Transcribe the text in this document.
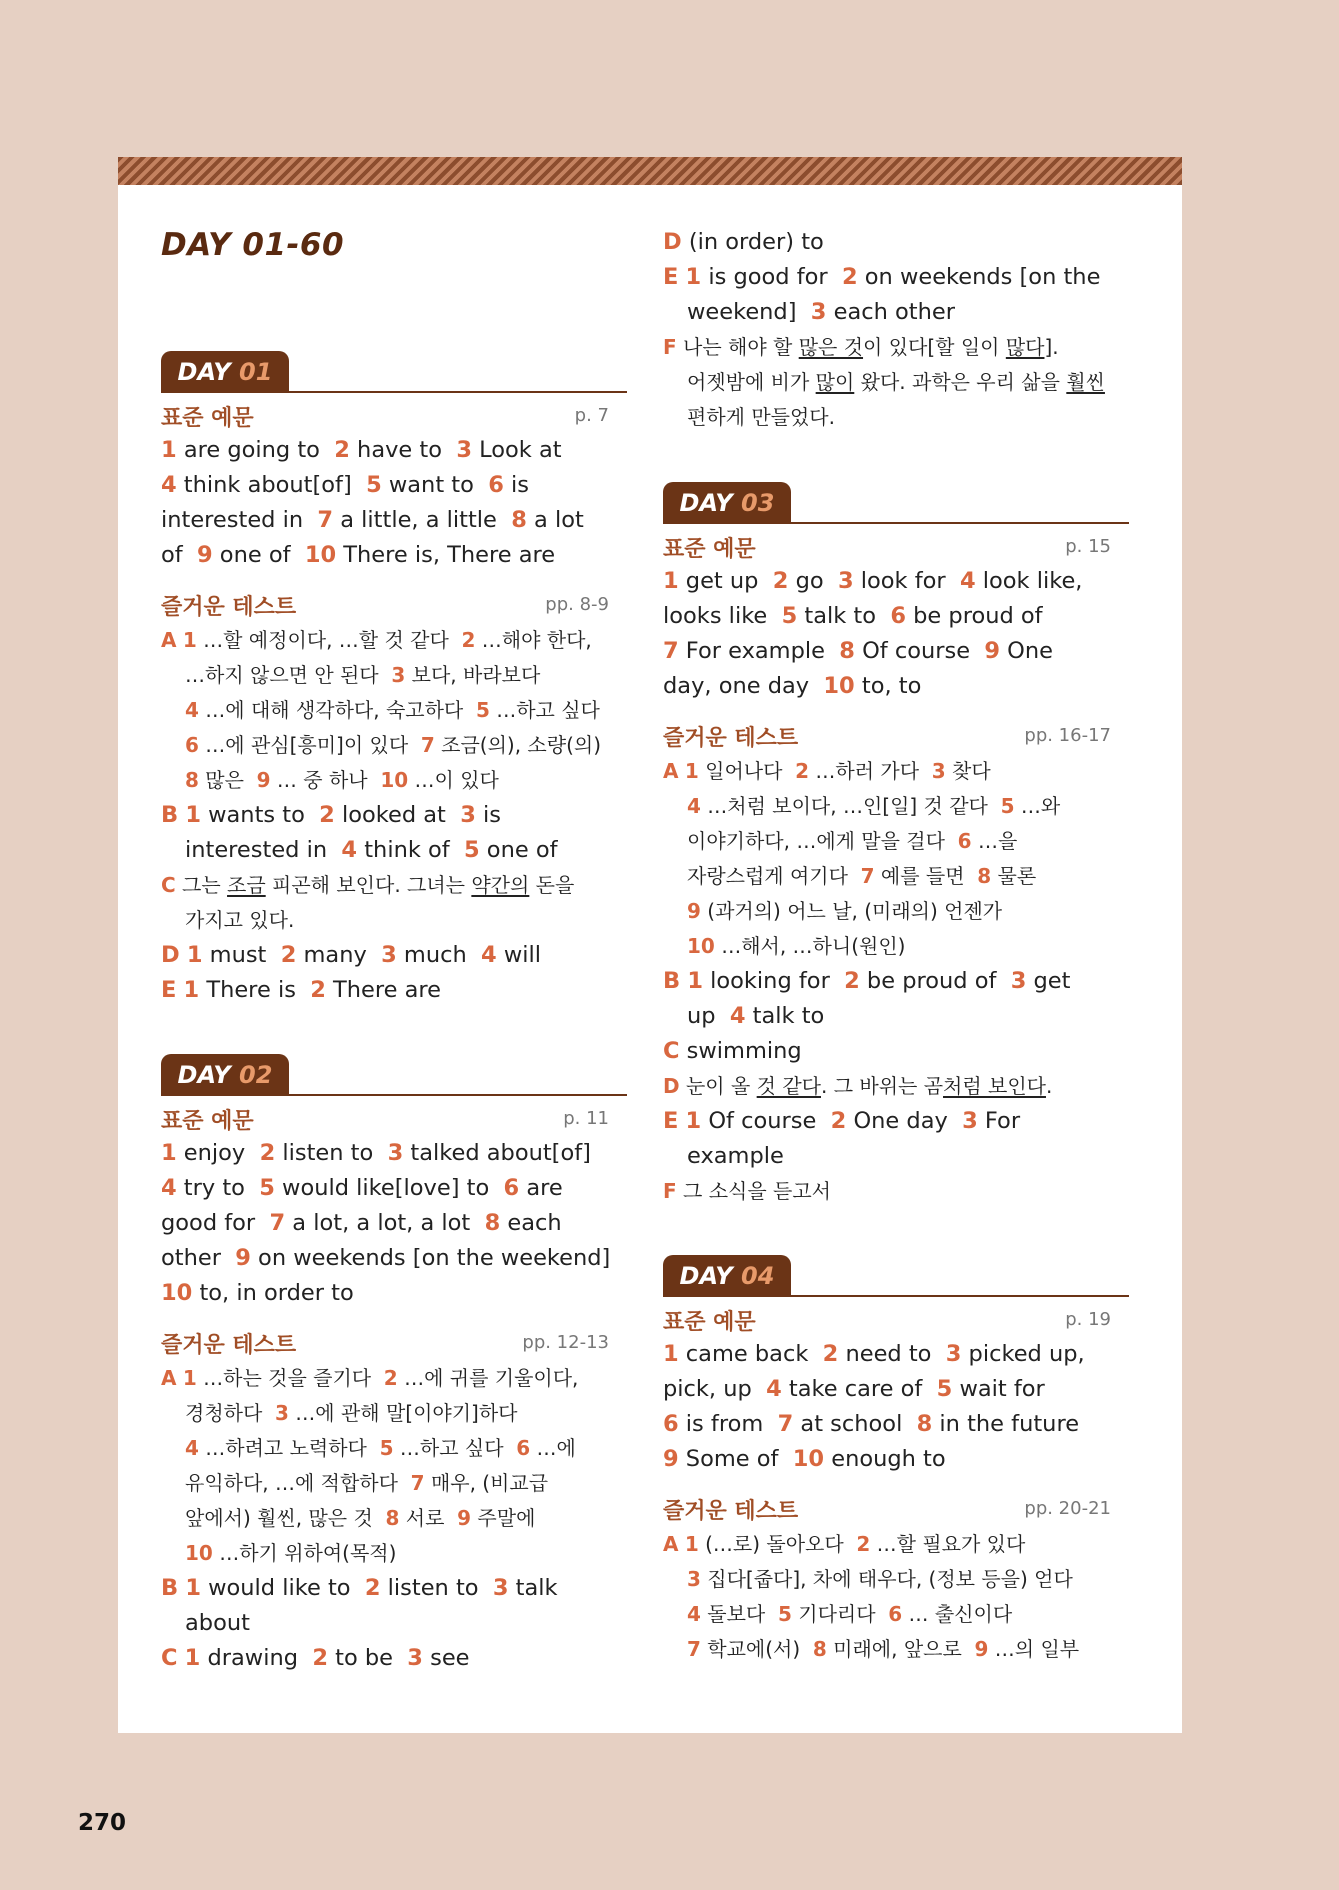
DAY 01-60
DAY 01
표준 예문	p. 7
1 are going to 2 have to  3 Look at
4 think about[of]  5 want to  6 is
interested in  7 a little, a little  8 a lot
of  9 one of  10 There is, There are
즐거운 테스트	pp. 8-9
A 1 …할 예정이다, …할 것 같다  2 …해야 한다,
…하지 않으면 안 된다  3 보다, 바라보다
4 …에 대해 생각하다, 숙고하다  5 …하고 싶다
6 …에 관심[흥미]이 있다  7 조금(의), 소량(의)
8 많은  9 … 중 하나  10 …이 있다
B 1 wants to  2 looked at  3 is
interested in  4 think of  5 one of
C 그는 조금 피곤해 보인다. 그녀는 약간의 돈을
가지고 있다.
D 1 must  2 many  3 much  4 will
E 1 There is  2 There are
DAY 02
표준 예문	p. 11
1 enjoy  2 listen to  3 talked about[of]
4 try to  5 would like[love] to  6 are
good for  7 a lot, a lot, a lot  8 each
other  9 on weekends [on the weekend]
10 to, in order to
즐거운 테스트	pp. 12-13
A 1 …하는 것을 즐기다  2 …에 귀를 기울이다,
경청하다  3 …에 관해 말[이야기]하다
4 …하려고 노력하다  5 …하고 싶다  6 …에
유익하다, …에 적합하다  7 매우, (비교급
앞에서) 훨씬, 많은 것  8 서로  9 주말에
10 …하기 위하여(목적)
B 1 would like to  2 listen to  3 talk
about
C 1 drawing  2 to be  3 see
D (in order) to
E 1 is good for  2 on weekends [on the
weekend]  3 each other
F 나는 해야 할 많은 것이 있다[할 일이 많다].
어젯밤에 비가 많이 왔다. 과학은 우리 삶을 훨씬
편하게 만들었다.
DAY 03
표준 예문	p. 15
1 get up  2 go  3 look for  4 look like,
looks like  5 talk to  6 be proud of
7 For example  8 Of course  9 One
day, one day  10 to, to
즐거운 테스트	pp. 16-17
A 1 일어나다  2 …하러 가다  3 찾다
4 …처럼 보이다, …인[일] 것 같다  5 …와
이야기하다, …에게 말을 걸다  6 …을
자랑스럽게 여기다  7 예를 들면  8 물론
9 (과거의) 어느 날, (미래의) 언젠가
10 …해서, …하니(원인)
B 1 looking for  2 be proud of  3 get
up  4 talk to
C swimming
D 눈이 올 것 같다. 그 바위는 곰처럼 보인다.
E 1 Of course  2 One day  3 For
example
F 그 소식을 듣고서
DAY 04
표준 예문	p. 19
1 came back  2 need to  3 picked up,
pick, up  4 take care of  5 wait for
6 is from  7 at school  8 in the future
9 Some of  10 enough to
즐거운 테스트	pp. 20-21
A 1 (…로) 돌아오다  2 …할 필요가 있다
3 집다[줍다], 차에 태우다, (정보 등을) 얻다
4 돌보다  5 기다리다  6 … 출신이다
7 학교에(서)  8 미래에, 앞으로  9 …의 일부
270
